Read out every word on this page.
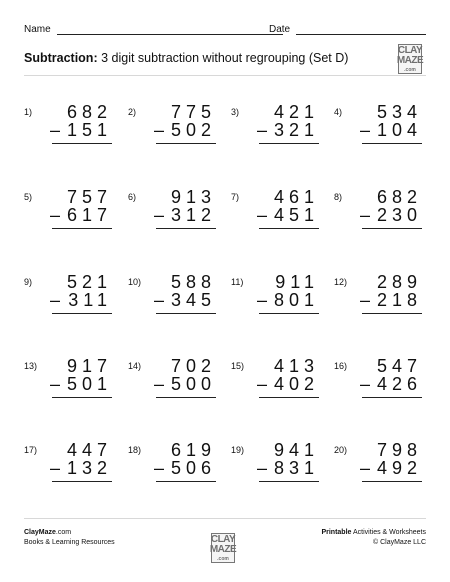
Name	Date
Subtraction: 3 digit subtraction without regrouping (Set D)
CLAY
MAZE
.com
1)	682
– 151
2)	775
– 502
3)	421
– 321
4)	534
– 104
5)	757
– 617
6)	913
– 312
7)	461
– 451
8)	682
– 230
9)	521
– 311
10)	588
– 345
11)	911
– 801
12)	289
– 218
13)	917
– 501
14)	702
– 500
15)	413
– 402
16)	547
– 426
17)	447
– 132
18)	619
– 506
19)	941
– 831
20)	798
– 492
ClayMaze.com
Books & Learning Resources	CLAY
MAZE
.com
Printable Activities & Worksheets
© ClayMaze LLC
